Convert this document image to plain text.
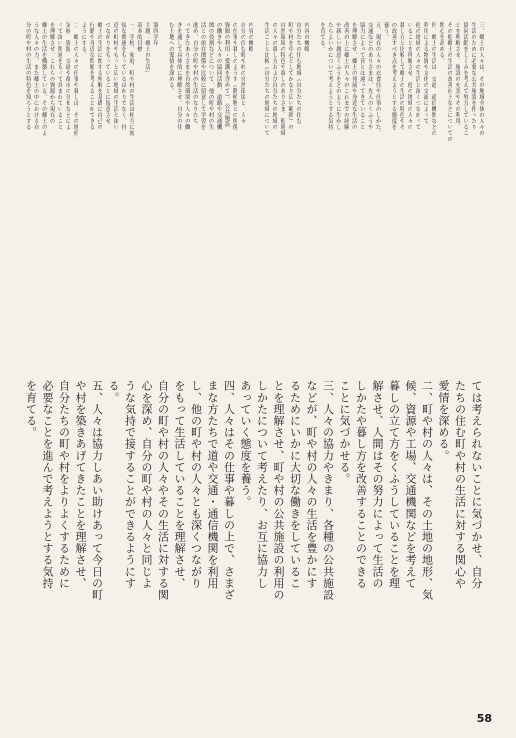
三、郷土の人々は、その地域全体の人々の
生活のために必要な公共施設を作ったり
協同活動をしくみを考えて努力しているこ
とを理解させ、施設の充実やその利用、
その他郷土の生活の改善向上などについての
関心を高める。
四、郷土の生活は、交通、通信機関などの
利用による物資や文化の交流によって、
他の地域の人々の生活と深くつながって
いることを理解させ、他の地域の人々の
暮し方と比較して郷土の生活の特色やそ
の改善すべき点を考えようとする態度を
養う。
五、現在の人々の衣食住や仕事のしかた、
交通などのありさまは、先人のくふうや
協力によって昔とは違ってきていること
を理解させ、郷土の発展や身近な生活の
改善の上に郷土の人々のこれまでの経験
や新しい創意くふうをどのように生かし
たらよいかについて考えようとする気持
を育てる。
内容の概略
自分たちの住む地域（自分たちの住む
町や村を中心としてかなり広い範囲）の
自然環境の特色や暮しのありさま、他地域
の人々の暮し方および自分たちの地域の
生活ごとと比較（自分たちの地域について
内容の概略
自分の住む町や村の自然環境と、人々
の仕事や暮しのようす（動植物との関係、
資源の利用・愛護を含めて）、公共施設
の働きや人々の協同活動、道路や交通機
関の役割などについて、他の町や村の生
活との依存関係や比較に留意して学習を
進め、自分の町や村の生活のなりたち
ってきたありさまを自然環境や人々の働
きを通して具体的に理解させ、自分の住
む土地への愛情を深める。
第四学年
主題「郷土の生活」
基本的目標
一、学校、家庭、町や村の生活は相互に密
接な関連をもっているばかりでなく、付
近の町村やもっと広い地域の生活と深い
つながりをもっていることに留意させ、
郷土の生活に関する理解を基礎に自己の
行動や身近な問題を考えることができる
ようにする。
二、郷土の人々の仕事や暮しは、その地形、
気候、資源、交通や都市の分布などによ
って深い関連をもって営まれていること
を理解させ、これらの資源から現在の
郷土の生活を構築している、その郷土のよ
うな人々の力、また郷土の中における自
分の町や村の生活の特色を知ろうとする
ては考えられないことに気づかせ、自分
たちの住む町や村の生活に対する関心や
愛情を深める。
二、町や村の人々は、その土地の地形、気
候、資源や工場、交通機関などを考えて
暮しの立て方をくふうしていることを理
解させ、人間はその努力によって生活の
しかたや暮し方を改善することのできる
ことに気づかせる。
三、人々の協力やきまり、各種の公共施設
などが、町や村の人々の生活を豊かにす
るためにいかに大切な働きをしているこ
とを理解させ、町や村の公共施設の利用の
しかたについて考えたり、お互に協力し
あっていく態度を養う。
四、人々はその仕事や暮しの上で、さまざ
まな方たちで道や交通・通信機関を利用
し、他の町や村の人々とも深くつながり
をもって生活していることを理解させ、
自分の町や村の人々やその生活に対する関
心を深め、自分の町や村の人々と同じよ
うな気持で接することができるようにす
る。
五、人々は協力しあい助けあって今日の町
や村を築きあげてきたことを理解させ、
自分たちの町や村をよりよくするために
必要なことを進んで考えようとする気持
を育てる。
58
